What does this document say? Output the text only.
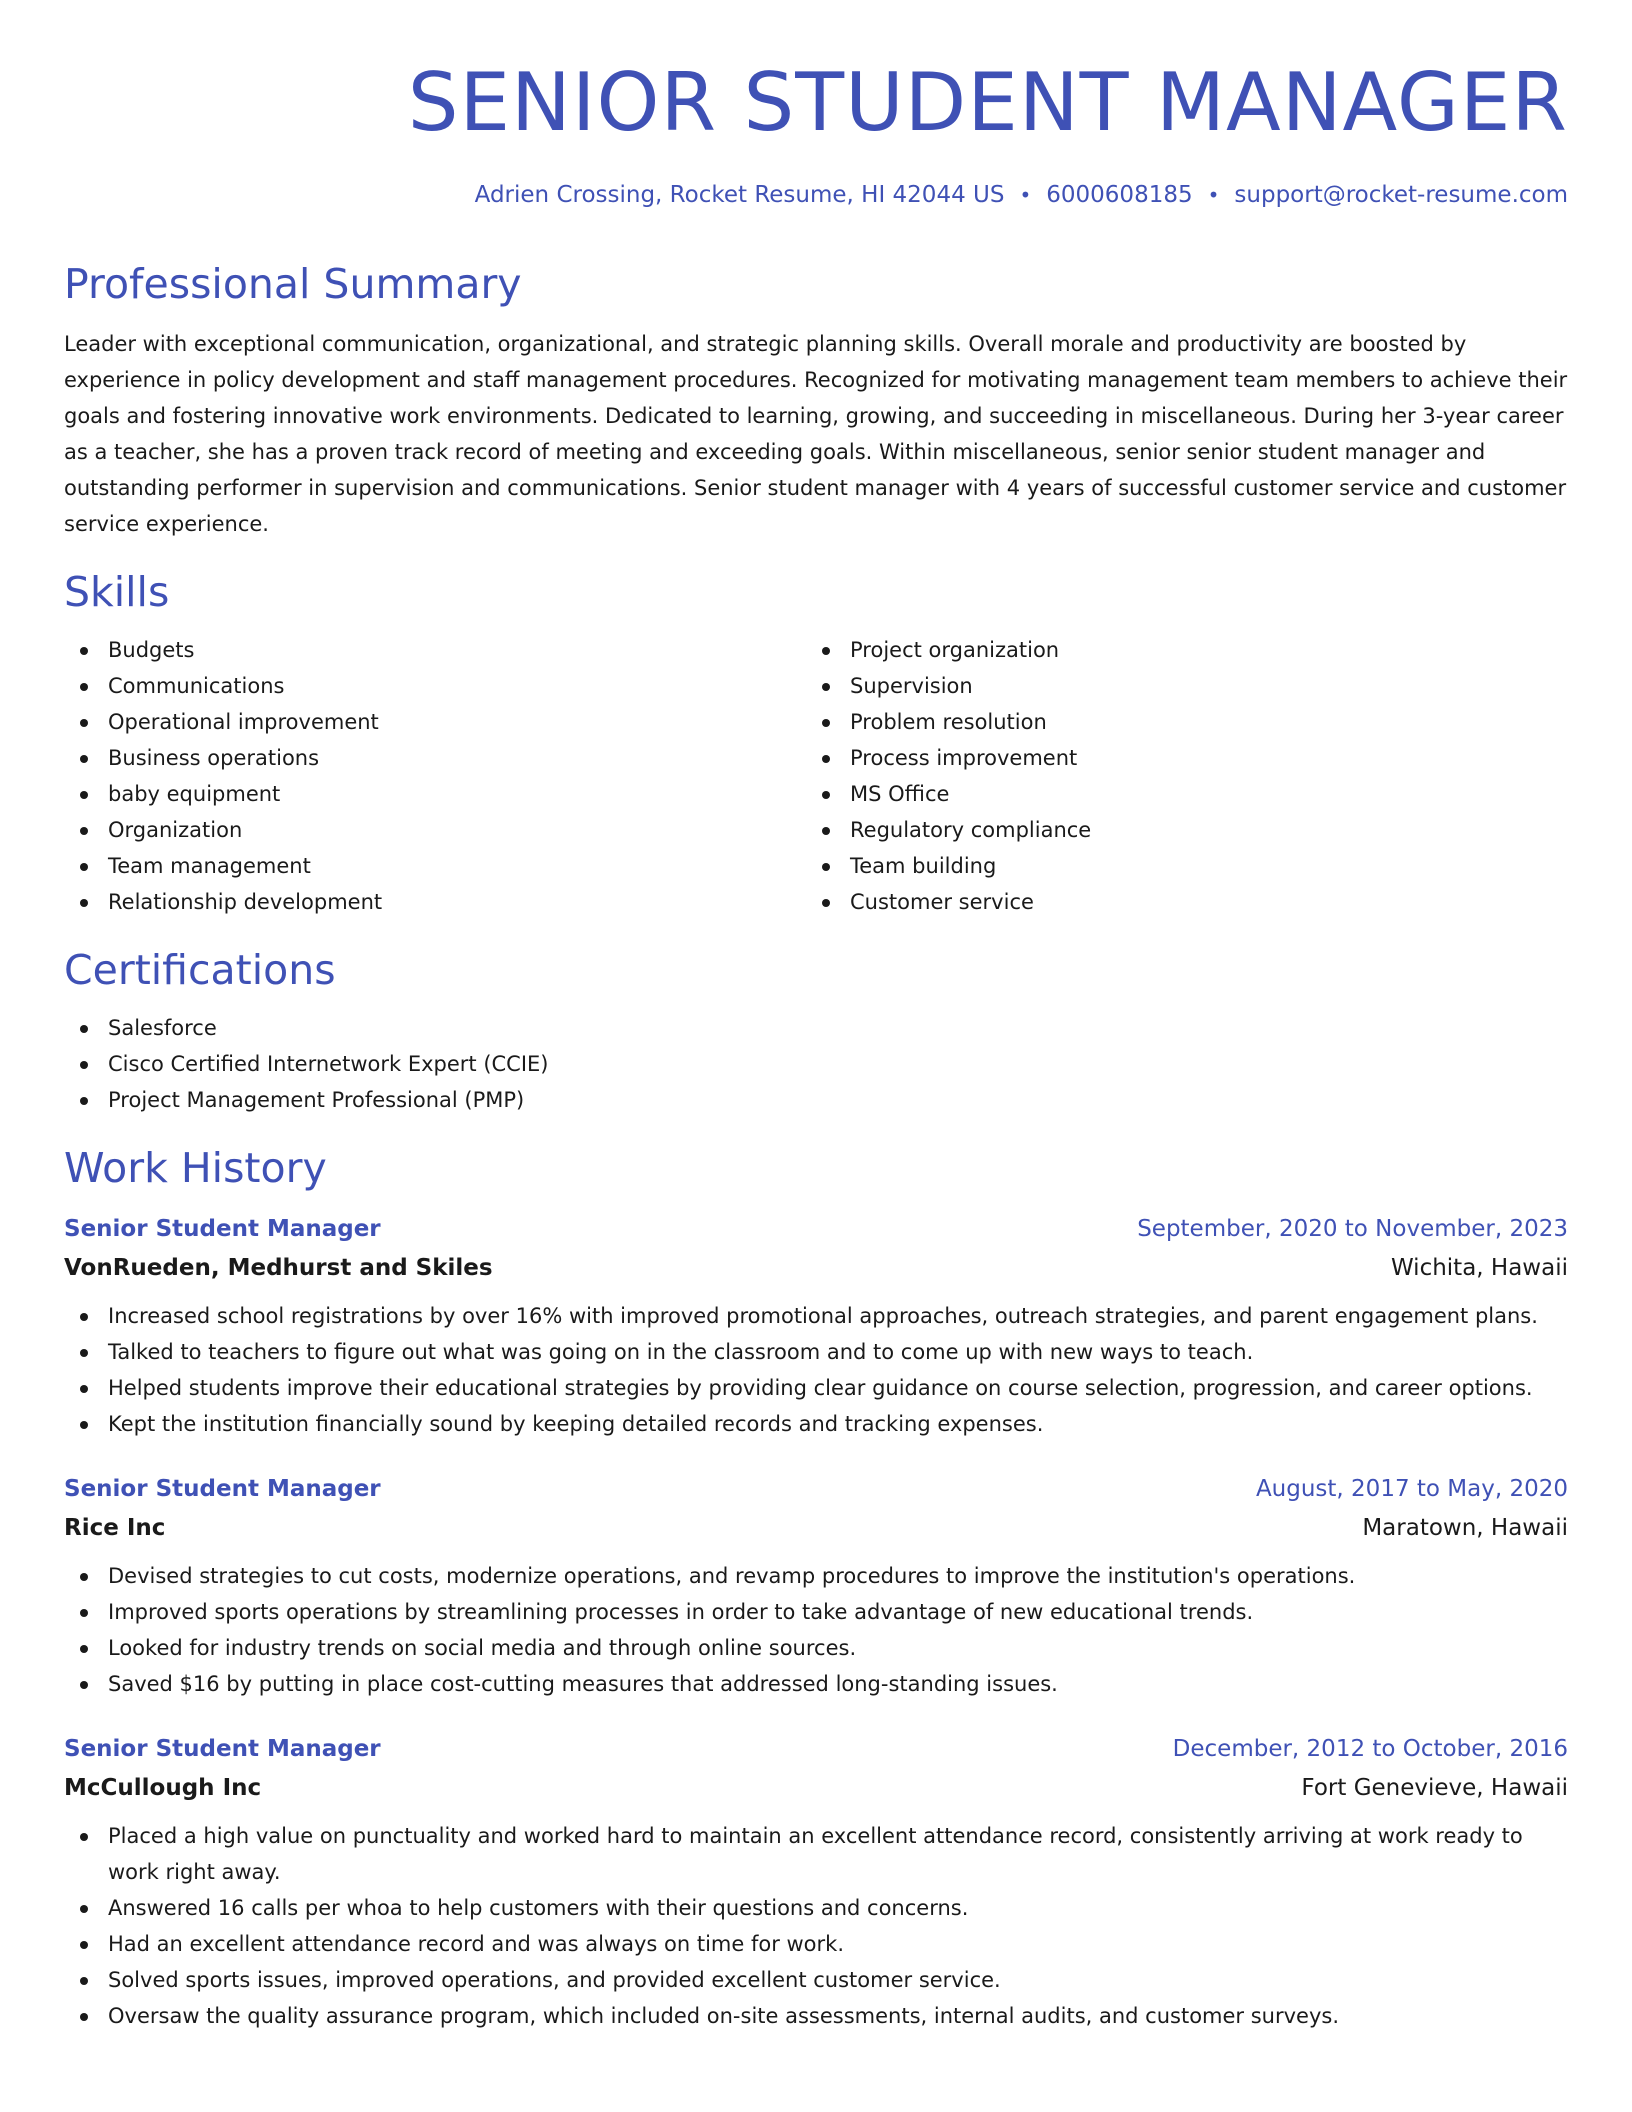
SENIOR STUDENT MANAGER
Adrien Crossing, Rocket Resume, HI 42044 US • 6000608185 • support@rocket-resume.com
Professional Summary

Leader with exceptional communication, organizational, and strategic planning skills. Overall morale and productivity are boosted by experience in policy development and staff management procedures. Recognized for motivating management team members to achieve their goals and fostering innovative work environments. Dedicated to learning, growing, and succeeding in miscellaneous. During her 3-year career as a teacher, she has a proven track record of meeting and exceeding goals. Within miscellaneous, senior senior student manager and outstanding performer in supervision and communications. Senior student manager with 4 years of successful customer service and customer service experience.

Skills
Budgets
Communications
Operational improvement
Business operations
baby equipment
Organization
Team management
Relationship development
Project organization
Supervision
Problem resolution
Process improvement
MS Office
Regulatory compliance
Team building
Customer service
Certifications
Salesforce
Cisco Certified Internetwork Expert (CCIE)
Project Management Professional (PMP)
Work History
Senior Student Manager	September, 2020 to November, 2023
VonRueden, Medhurst and Skiles	Wichita, Hawaii
Increased school registrations by over 16% with improved promotional approaches, outreach strategies, and parent engagement plans.
Talked to teachers to figure out what was going on in the classroom and to come up with new ways to teach.
Helped students improve their educational strategies by providing clear guidance on course selection, progression, and career options.
Kept the institution financially sound by keeping detailed records and tracking expenses.
Senior Student Manager	August, 2017 to May, 2020
Rice Inc	Maratown, Hawaii
Devised strategies to cut costs, modernize operations, and revamp procedures to improve the institution's operations.
Improved sports operations by streamlining processes in order to take advantage of new educational trends.
Looked for industry trends on social media and through online sources.
Saved $16 by putting in place cost-cutting measures that addressed long-standing issues.
Senior Student Manager	December, 2012 to October, 2016
McCullough Inc	Fort Genevieve, Hawaii
Placed a high value on punctuality and worked hard to maintain an excellent attendance record, consistently arriving at work ready to work right away.
Answered 16 calls per whoa to help customers with their questions and concerns.
Had an excellent attendance record and was always on time for work.
Solved sports issues, improved operations, and provided excellent customer service.
Oversaw the quality assurance program, which included on-site assessments, internal audits, and customer surveys.
